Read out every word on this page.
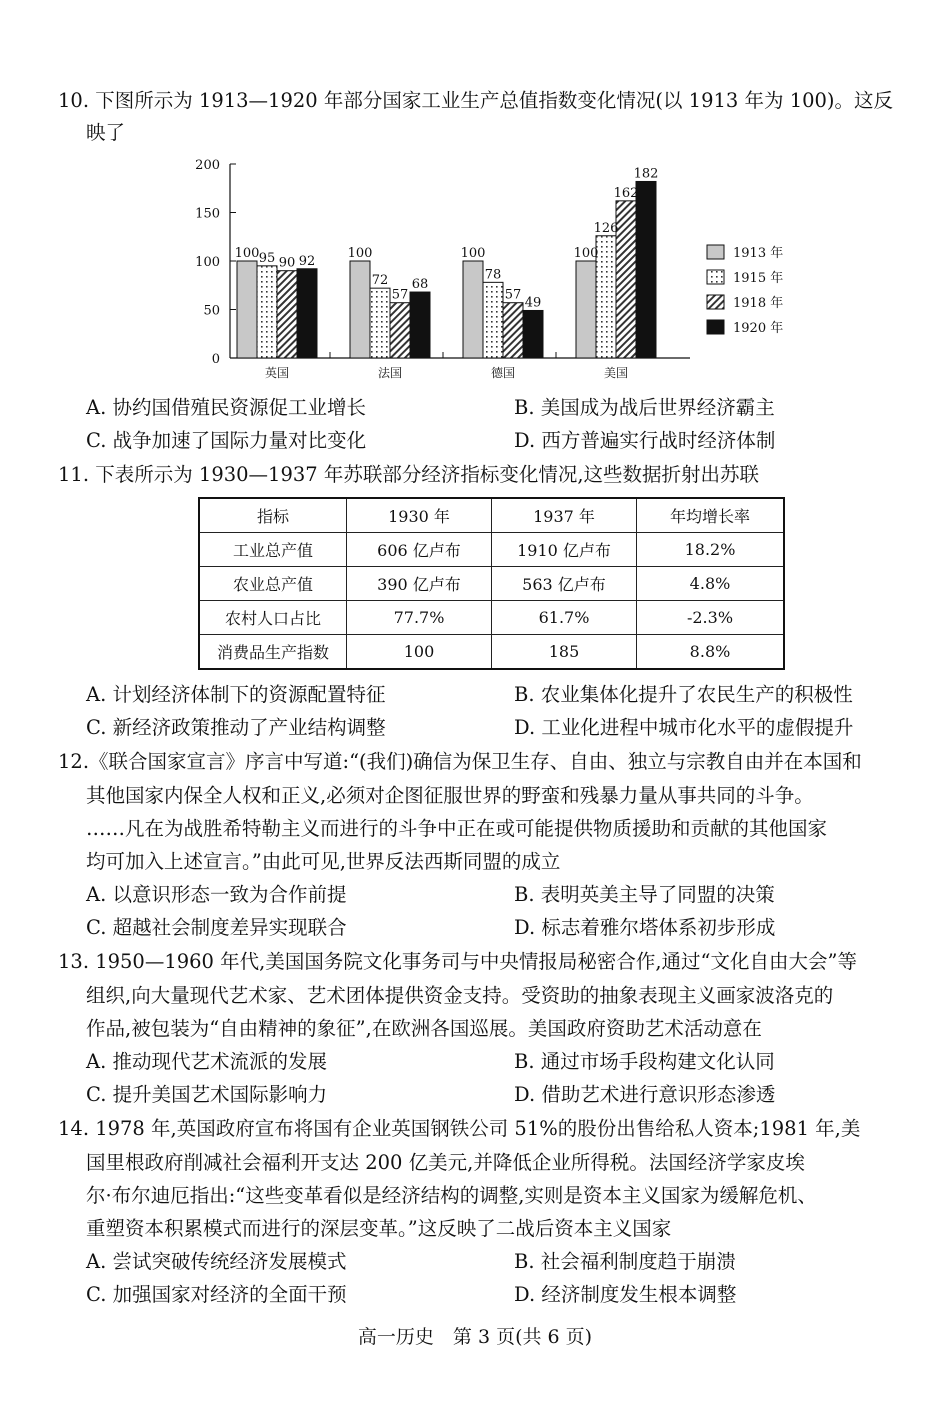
10. 下图所示为 1913—1920 年部分国家工业生产总值指数变化情况(以 1913 年为 100)。这反
映了
0
50
100
150
200
100 95 90 92
英国
100
72
57
68
法国
100
78
57
49
德国
100
126
162
182
美国
1913 年
1915 年
1918 年
1920 年
A. 协约国借殖民资源促工业增长	B. 美国成为战后世界经济霸主
C. 战争加速了国际力量对比变化	D. 西方普遍实行战时经济体制
11. 下表所示为 1930—1937 年苏联部分经济指标变化情况,这些数据折射出苏联
指标	1930 年	1937 年	年均增长率
工业总产值	606 亿卢布	1910 亿卢布	18.2%
农业总产值	390 亿卢布	563 亿卢布	4.8%
农村人口占比	77.7%	61.7%	-2.3%
消费品生产指数	100	185	8.8%
A. 计划经济体制下的资源配置特征	B. 农业集体化提升了农民生产的积极性
C. 新经济政策推动了产业结构调整	D. 工业化进程中城市化水平的虚假提升
12.《联合国家宣言》序言中写道:“(我们)确信为保卫生存、自由、独立与宗教自由并在本国和
其他国家内保全人权和正义,必须对企图征服世界的野蛮和残暴力量从事共同的斗争。
……凡在为战胜希特勒主义而进行的斗争中正在或可能提供物质援助和贡献的其他国家
均可加入上述宣言。”由此可见,世界反法西斯同盟的成立
A. 以意识形态一致为合作前提	B. 表明英美主导了同盟的决策
C. 超越社会制度差异实现联合	D. 标志着雅尔塔体系初步形成
13. 1950—1960 年代,美国国务院文化事务司与中央情报局秘密合作,通过“文化自由大会”等
组织,向大量现代艺术家、艺术团体提供资金支持。受资助的抽象表现主义画家波洛克的
作品,被包装为“自由精神的象征”,在欧洲各国巡展。美国政府资助艺术活动意在
A. 推动现代艺术流派的发展	B. 通过市场手段构建文化认同
C. 提升美国艺术国际影响力	D. 借助艺术进行意识形态渗透
14. 1978 年,英国政府宣布将国有企业英国钢铁公司 51%的股份出售给私人资本;1981 年,美
国里根政府削减社会福利开支达 200 亿美元,并降低企业所得税。法国经济学家皮埃
尔·布尔迪厄指出:“这些变革看似是经济结构的调整,实则是资本主义国家为缓解危机、
重塑资本积累模式而进行的深层变革。”这反映了二战后资本主义国家
A. 尝试突破传统经济发展模式	B. 社会福利制度趋于崩溃
C. 加强国家对经济的全面干预	D. 经济制度发生根本调整
高一历史　第 3 页(共 6 页)
